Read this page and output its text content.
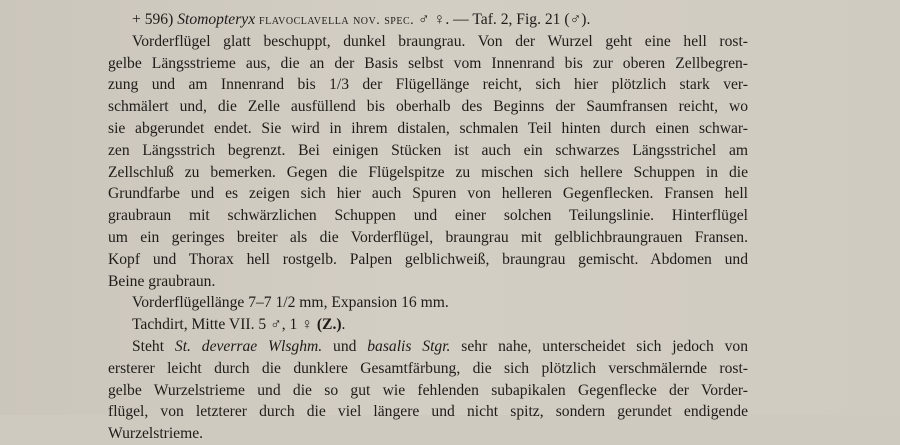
+ 596) Stomopteryx flavoclavella nov. spec. ♂ ♀. — Taf. 2, Fig. 21 (♂).
Vorderflügel glatt beschuppt, dunkel braungrau. Von der Wurzel geht eine hell rost-
gelbe Längsstrieme aus, die an der Basis selbst vom Innenrand bis zur oberen Zellbegren-
zung und am Innenrand bis 1/3 der Flügellänge reicht, sich hier plötzlich stark ver-
schmälert und, die Zelle ausfüllend bis oberhalb des Beginns der Saumfransen reicht, wo
sie abgerundet endet. Sie wird in ihrem distalen, schmalen Teil hinten durch einen schwar-
zen Längsstrich begrenzt. Bei einigen Stücken ist auch ein schwarzes Längsstrichel am
Zellschluß zu bemerken. Gegen die Flügelspitze zu mischen sich hellere Schuppen in die
Grundfarbe und es zeigen sich hier auch Spuren von helleren Gegenflecken. Fransen hell
graubraun mit schwärzlichen Schuppen und einer solchen Teilungslinie. Hinterflügel
um ein geringes breiter als die Vorderflügel, braungrau mit gelblichbraungrauen Fransen.
Kopf und Thorax hell rostgelb. Palpen gelblichweiß, braungrau gemischt. Abdomen und
Beine graubraun.
Vorderflügellänge 7–7 1/2 mm, Expansion 16 mm.
Tachdirt, Mitte VII. 5 ♂, 1 ♀ (Z.).
Steht St. deverrae Wlsghm. und basalis Stgr. sehr nahe, unterscheidet sich jedoch von
ersterer leicht durch die dunklere Gesamtfärbung, die sich plötzlich verschmälernde rost-
gelbe Wurzelstrieme und die so gut wie fehlenden subapikalen Gegenflecke der Vorder-
flügel, von letzterer durch die viel längere und nicht spitz, sondern gerundet endigende
Wurzelstrieme.
